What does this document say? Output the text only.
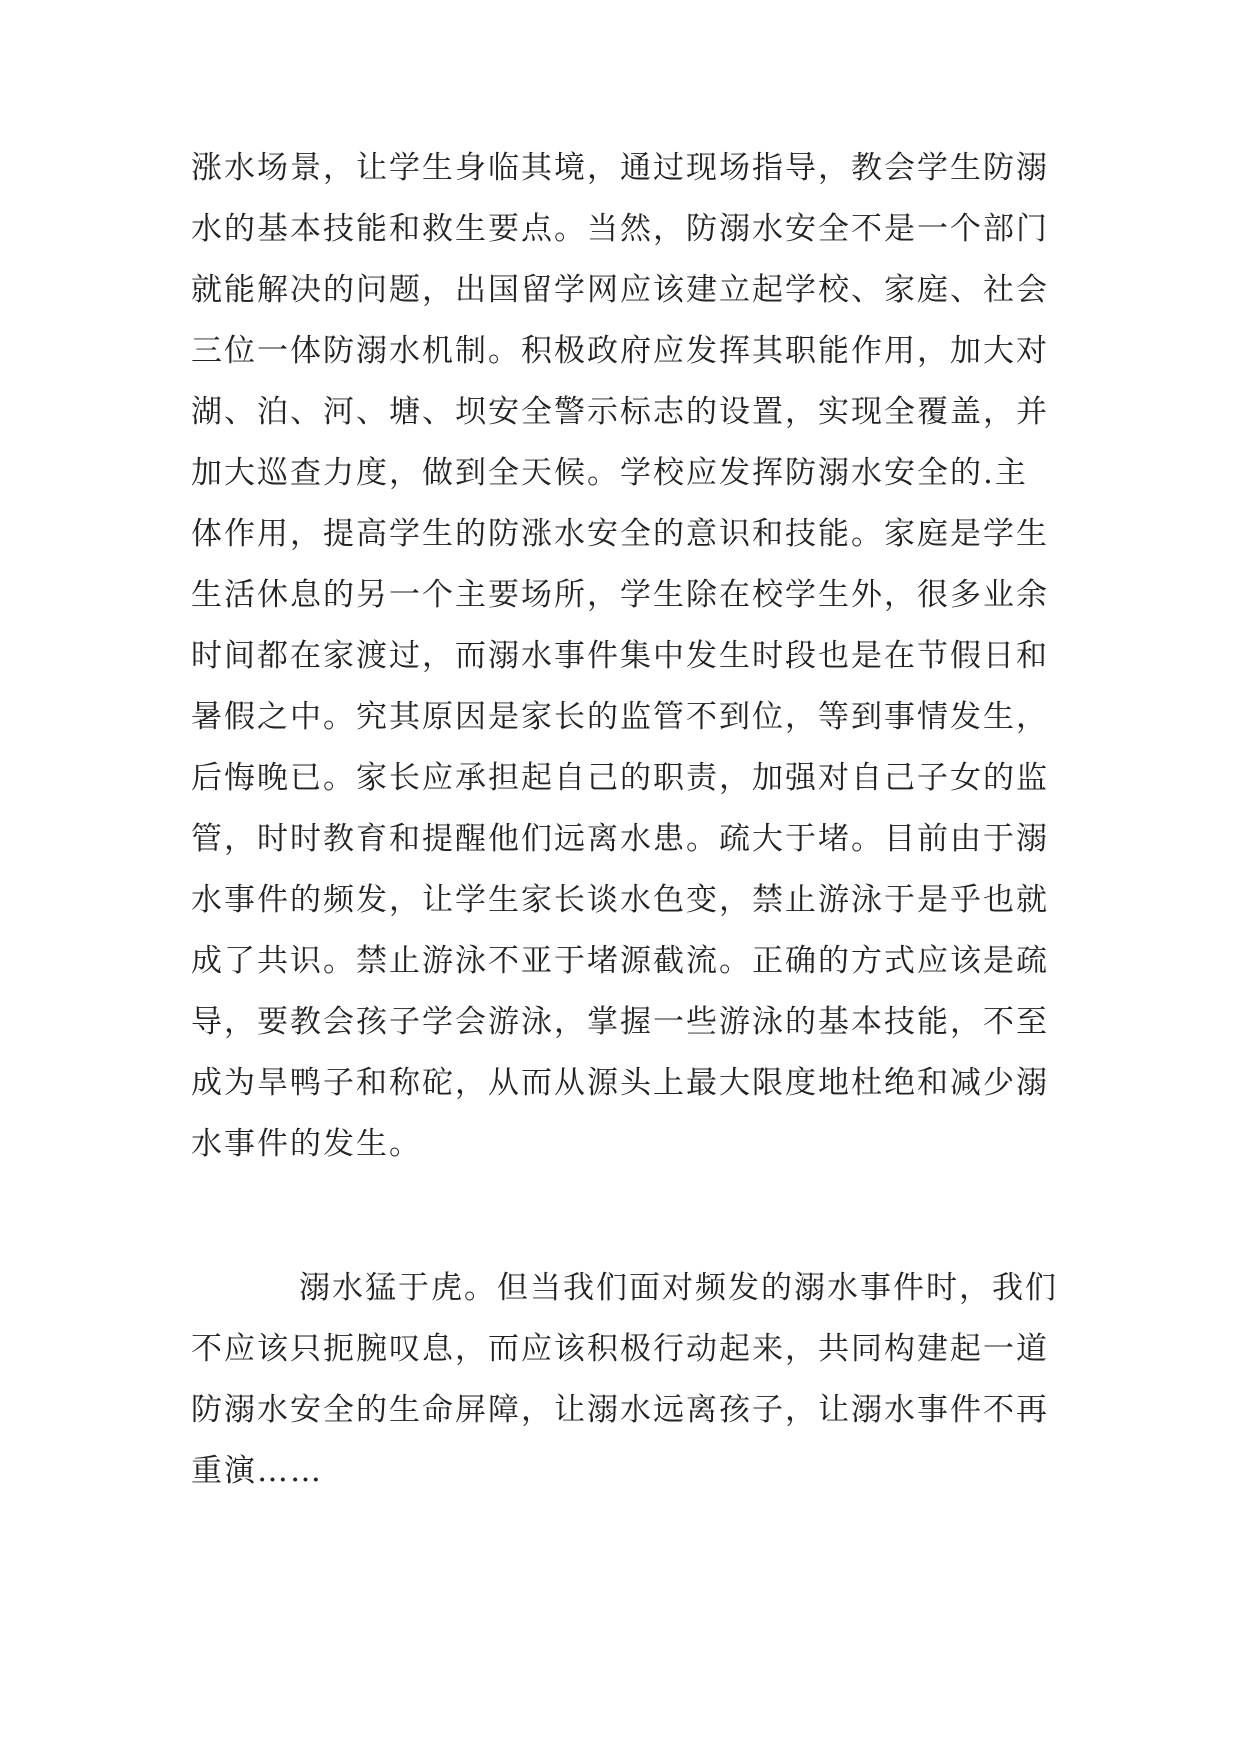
涨水场景，让学生身临其境，通过现场指导，教会学生防溺
水的基本技能和救生要点。当然，防溺水安全不是一个部门
就能解决的问题，出国留学网应该建立起学校、家庭、社会
三位一体防溺水机制。积极政府应发挥其职能作用，加大对
湖、泊、河、塘、坝安全警示标志的设置，实现全覆盖，并
加大巡查力度，做到全天候。学校应发挥防溺水安全的.主
体作用，提高学生的防涨水安全的意识和技能。家庭是学生
生活休息的另一个主要场所，学生除在校学生外，很多业余
时间都在家渡过，而溺水事件集中发生时段也是在节假日和
暑假之中。究其原因是家长的监管不到位，等到事情发生，
后悔晚已。家长应承担起自己的职责，加强对自己子女的监
管，时时教育和提醒他们远离水患。疏大于堵。目前由于溺
水事件的频发，让学生家长谈水色变，禁止游泳于是乎也就
成了共识。禁止游泳不亚于堵源截流。正确的方式应该是疏
导，要教会孩子学会游泳，掌握一些游泳的基本技能，不至
成为旱鸭子和称砣，从而从源头上最大限度地杜绝和减少溺
水事件的发生。
溺水猛于虎。但当我们面对频发的溺水事件时，我们
不应该只扼腕叹息，而应该积极行动起来，共同构建起一道
防溺水安全的生命屏障，让溺水远离孩子，让溺水事件不再
重演……
